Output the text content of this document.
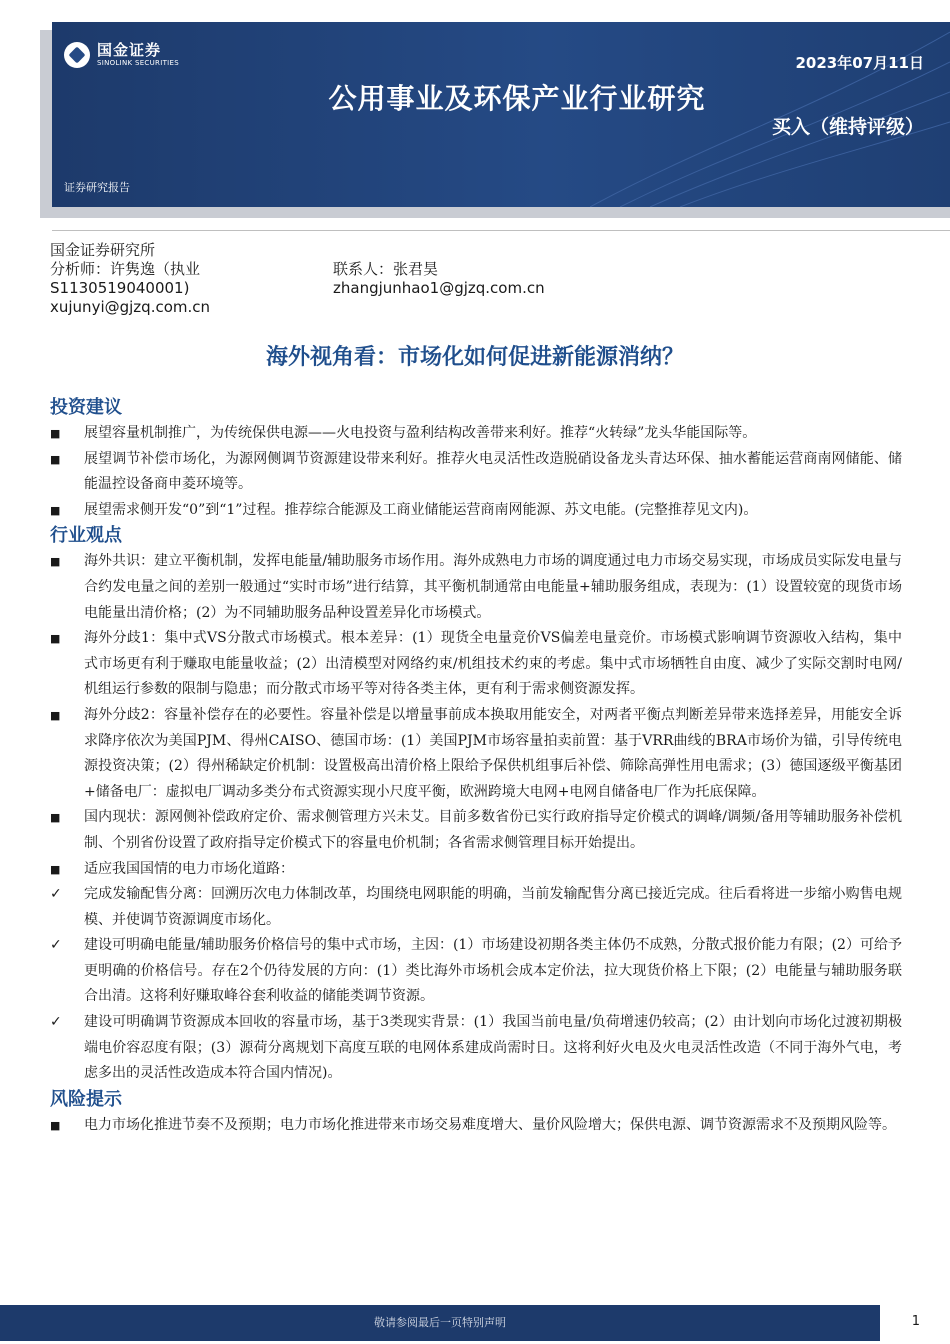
国金证券
SINOLINK SECURITIES	2023年07月11日
公用事业及环保产业行业研究
买入（维持评级）
证券研究报告
国金证券研究所
分析师：许隽逸（执业
S1130519040001)
xujunyi@gjzq.com.cn
联系人：张君昊
zhangjunhao1@gjzq.com.cn
海外视角看：市场化如何促进新能源消纳？
投资建议
■	展望容量机制推广，为传统保供电源——火电投资与盈利结构改善带来利好。推荐“火转绿”龙头华能国际等。
■	展望调节补偿市场化，为源网侧调节资源建设带来利好。推荐火电灵活性改造脱硝设备龙头青达环保、抽水蓄能运营商南网储能、储能温控设备商申菱环境等。
■	展望需求侧开发“0”到“1”过程。推荐综合能源及工商业储能运营商南网能源、苏文电能。(完整推荐见文内)。
行业观点
■	海外共识：建立平衡机制，发挥电能量/辅助服务市场作用。海外成熟电力市场的调度通过电力市场交易实现，市场成员实际发电量与合约发电量之间的差别一般通过“实时市场”进行结算，其平衡机制通常由电能量+辅助服务组成，表现为：(1）设置较宽的现货市场电能量出清价格；(2）为不同辅助服务品种设置差异化市场模式。
■	海外分歧1：集中式VS分散式市场模式。根本差异：(1）现货全电量竞价VS偏差电量竞价。市场模式影响调节资源收入结构，集中式市场更有利于赚取电能量收益；(2）出清模型对网络约束/机组技术约束的考虑。集中式市场牺牲自由度、减少了实际交割时电网/机组运行参数的限制与隐患；而分散式市场平等对待各类主体，更有利于需求侧资源发挥。
■	海外分歧2：容量补偿存在的必要性。容量补偿是以增量事前成本换取用能安全，对两者平衡点判断差异带来选择差异，用能安全诉求降序依次为美国PJM、得州CAISO、德国市场：(1）美国PJM市场容量拍卖前置：基于VRR曲线的BRA市场价为锚，引导传统电源投资决策；(2）得州稀缺定价机制：设置极高出清价格上限给予保供机组事后补偿、筛除高弹性用电需求；(3）德国逐级平衡基团+储备电厂：虚拟电厂调动多类分布式资源实现小尺度平衡，欧洲跨境大电网+电网自储备电厂作为托底保障。
■	国内现状：源网侧补偿政府定价、需求侧管理方兴未艾。目前多数省份已实行政府指导定价模式的调峰/调频/备用等辅助服务补偿机制、个别省份设置了政府指导定价模式下的容量电价机制；各省需求侧管理目标开始提出。
■	适应我国国情的电力市场化道路：
✓	完成发输配售分离：回溯历次电力体制改革，均围绕电网职能的明确，当前发输配售分离已接近完成。往后看将进一步缩小购售电规模、并使调节资源调度市场化。
✓	建设可明确电能量/辅助服务价格信号的集中式市场，主因：(1）市场建设初期各类主体仍不成熟，分散式报价能力有限；(2）可给予更明确的价格信号。存在2个仍待发展的方向：(1）类比海外市场机会成本定价法，拉大现货价格上下限；(2）电能量与辅助服务联合出清。这将利好赚取峰谷套利收益的储能类调节资源。
✓	建设可明确调节资源成本回收的容量市场，基于3类现实背景：(1）我国当前电量/负荷增速仍较高；(2）由计划向市场化过渡初期极端电价容忍度有限；(3）源荷分离规划下高度互联的电网体系建成尚需时日。这将利好火电及火电灵活性改造（不同于海外气电，考虑多出的灵活性改造成本符合国内情况)。
风险提示
■	电力市场化推进节奏不及预期；电力市场化推进带来市场交易难度增大、量价风险增大；保供电源、调节资源需求不及预期风险等。
敬请参阅最后一页特别声明	1
